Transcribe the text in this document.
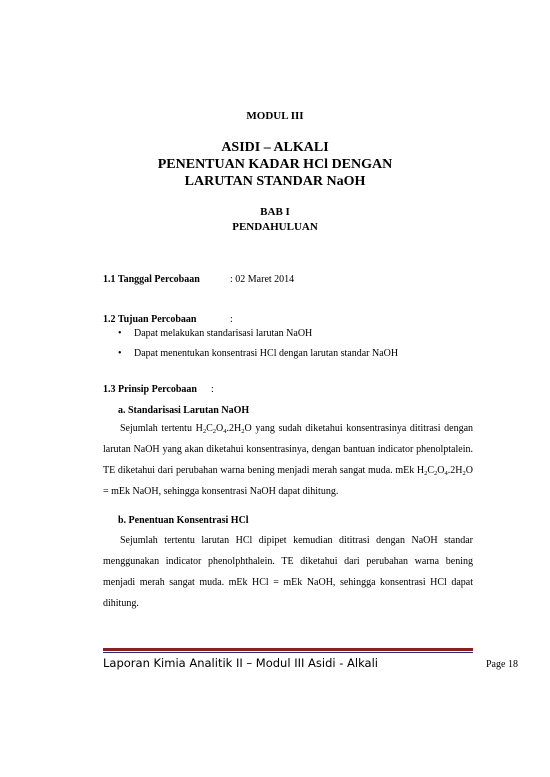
MODUL III
ASIDI – ALKALI
PENENTUAN KADAR HCl DENGAN
LARUTAN STANDAR NaOH
BAB I
PENDAHULUAN
1.1 Tanggal Percobaan	: 02 Maret 2014
1.2 Tujuan Percobaan	:
• Dapat melakukan standarisasi larutan NaOH
• Dapat menentukan konsentrasi HCl dengan larutan standar NaOH
1.3 Prinsip Percobaan :
a. Standarisasi Larutan NaOH
Sejumlah tertentu $H_2C_2O_4.2H_2O$ yang sudah diketahui konsentrasinya dititrasi dengan larutan NaOH yang akan diketahui konsentrasinya, dengan bantuan indicator phenolptalein. TE diketahui dari perubahan warna bening menjadi merah sangat muda. mEk $H_2C_2O_4.2H_2O$ = mEk NaOH, sehingga konsentrasi NaOH dapat dihitung.
b. Penentuan Konsentrasi HCl
Sejumlah tertentu larutan HCl dipipet kemudian dititrasi dengan NaOH standar menggunakan indicator phenolphthalein. TE diketahui dari perubahan warna bening menjadi merah sangat muda. mEk HCl = mEk NaOH, sehingga konsentrasi HCl dapat dihitung.
Laporan Kimia Analitik II – Modul III Asidi - Alkali	Page 18
